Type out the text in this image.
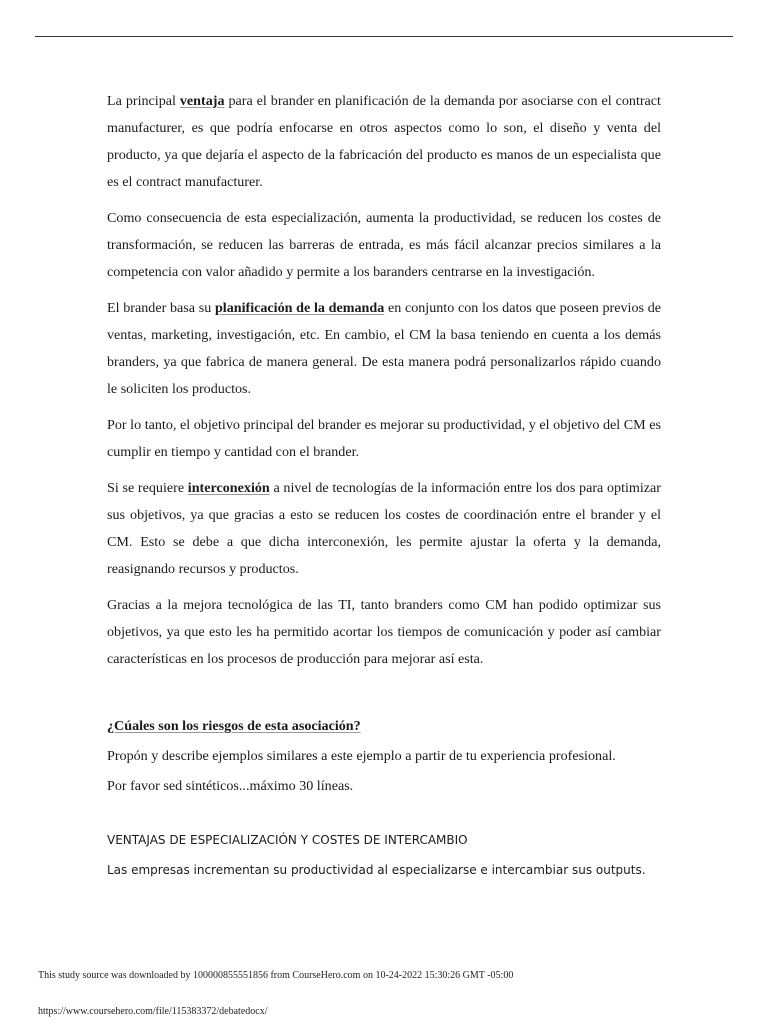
La principal ventaja para el brander en planificación de la demanda por asociarse con el contract manufacturer, es que podría enfocarse en otros aspectos como lo son, el diseño y venta del producto, ya que dejaría el aspecto de la fabricación del producto es manos de un especialista que es el contract manufacturer.

Como consecuencia de esta especialización, aumenta la productividad, se reducen los costes de transformación, se reducen las barreras de entrada, es más fácil alcanzar precios similares a la competencia con valor añadido y permite a los baranders centrarse en la investigación.

El brander basa su planificación de la demanda en conjunto con los datos que poseen previos de ventas, marketing, investigación, etc. En cambio, el CM la basa teniendo en cuenta a los demás branders, ya que fabrica de manera general. De esta manera podrá personalizarlos rápido cuando le soliciten los productos.

Por lo tanto, el objetivo principal del brander es mejorar su productividad, y el objetivo del CM es cumplir en tiempo y cantidad con el brander.

Si se requiere interconexión a nivel de tecnologías de la información entre los dos para optimizar sus objetivos, ya que gracias a esto se reducen los costes de coordinación entre el brander y el CM. Esto se debe a que dicha interconexión, les permite ajustar la oferta y la demanda, reasignando recursos y productos.

Gracias a la mejora tecnológica de las TI, tanto branders como CM han podido optimizar sus objetivos, ya que esto les ha permitido acortar los tiempos de comunicación y poder así cambiar características en los procesos de producción para mejorar así esta.

¿Cúales son los riesgos de esta asociación?

Propón y describe ejemplos similares a este ejemplo a partir de tu experiencia profesional.

Por favor sed sintéticos...máximo 30 líneas.

VENTAJAS DE ESPECIALIZACIÓN Y COSTES DE INTERCAMBIO

Las empresas incrementan su productividad al especializarse e intercambiar sus outputs.

This study source was downloaded by 100000855551856 from CourseHero.com on 10-24-2022 15:30:26 GMT -05:00
https://www.coursehero.com/file/115383372/debatedocx/
